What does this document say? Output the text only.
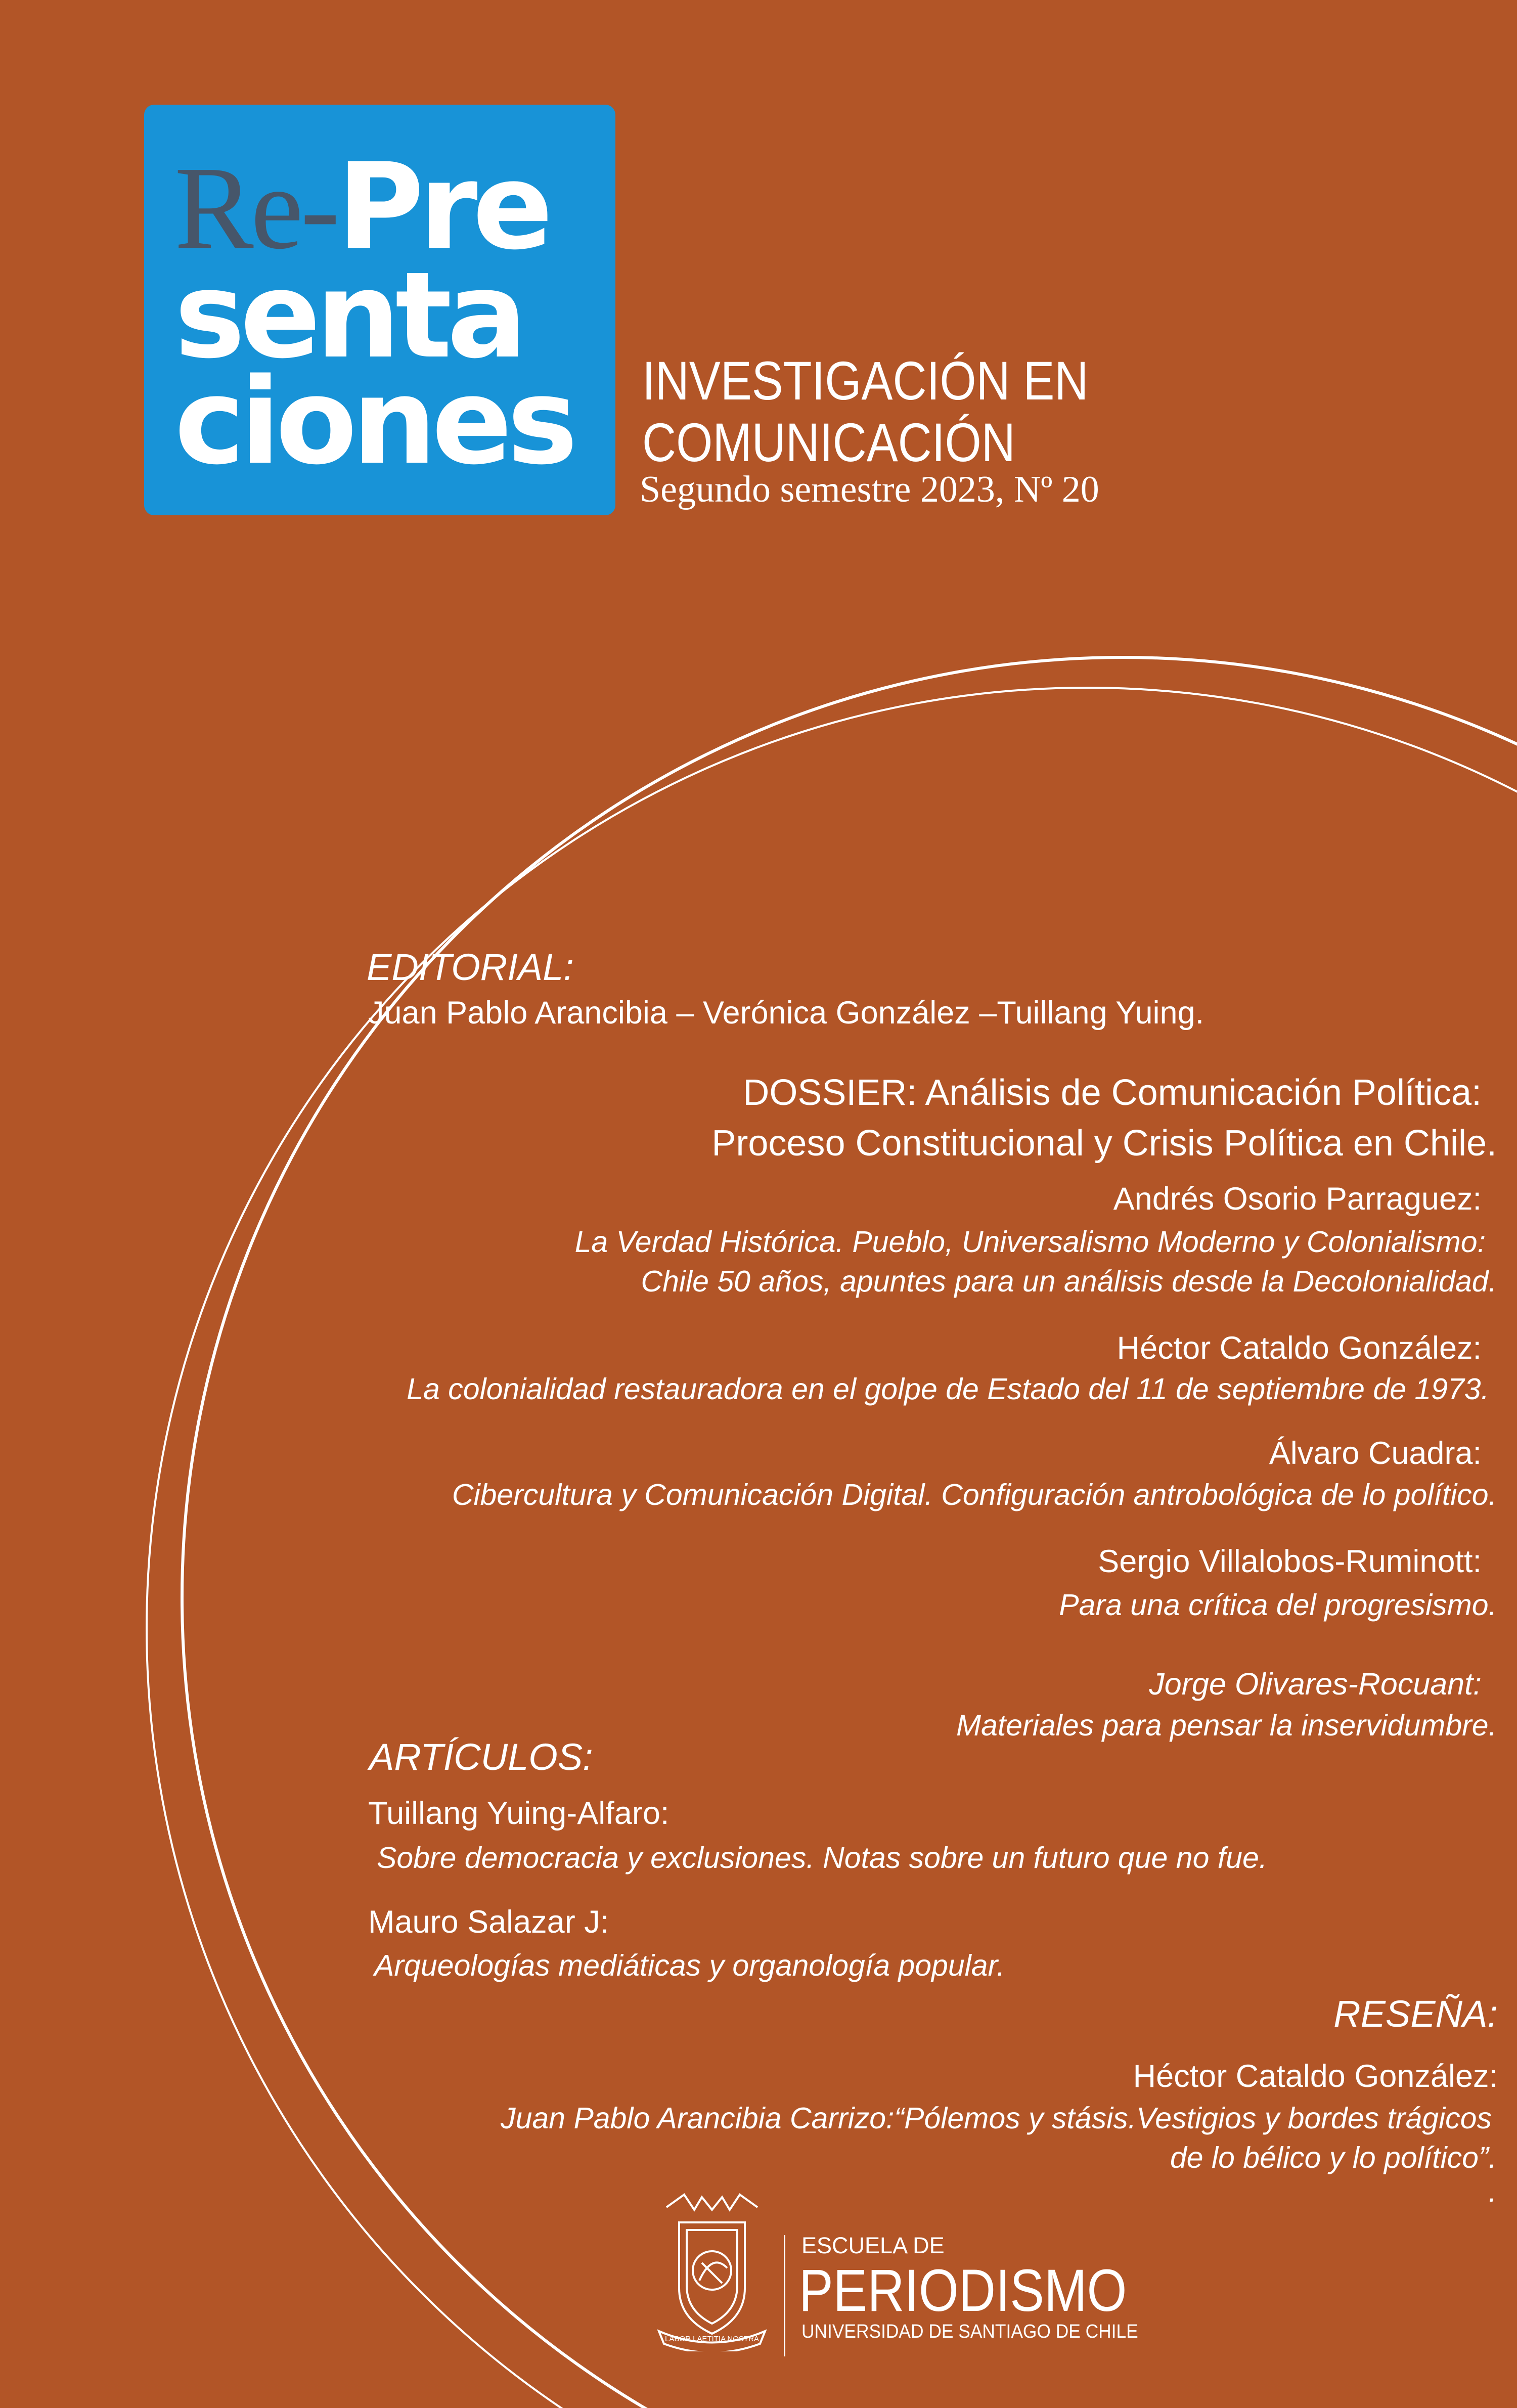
Re-Pre
senta
ciones INVESTIGACIÓN EN
COMUNICACIÓN
Segundo semestre 2023, Nº 20
EDITORIAL:
Juan Pablo Arancibia – Verónica González –Tuillang Yuing.
DOSSIER: Análisis de Comunicación Política:
Proceso Constitucional y Crisis Política en Chile.
Andrés Osorio Parraguez:
La Verdad Histórica. Pueblo, Universalismo Moderno y Colonialismo:
Chile 50 años, apuntes para un análisis desde la Decolonialidad.
Héctor Cataldo González:
La colonialidad restauradora en el golpe de Estado del 11 de septiembre de 1973.
Álvaro Cuadra:
Cibercultura y Comunicación Digital. Configuración antrobológica de lo político.
Sergio Villalobos-Ruminott:
Para una crítica del progresismo.
Jorge Olivares-Rocuant:
Materiales para pensar la inservidumbre.
ARTÍCULOS:
Tuillang Yuing-Alfaro:
Sobre democracia y exclusiones. Notas sobre un futuro que no fue.
Mauro Salazar J:
Arqueologías mediáticas y organología popular.
RESEÑA:
Héctor Cataldo González:
Juan Pablo Arancibia Carrizo:“Pólemos y stásis.Vestigios y bordes trágicos
de lo bélico y lo político”.
.
LABOR LAETITIA NOSTRA
ESCUELA DE
PERIODISMO
UNIVERSIDAD DE SANTIAGO DE CHILE
